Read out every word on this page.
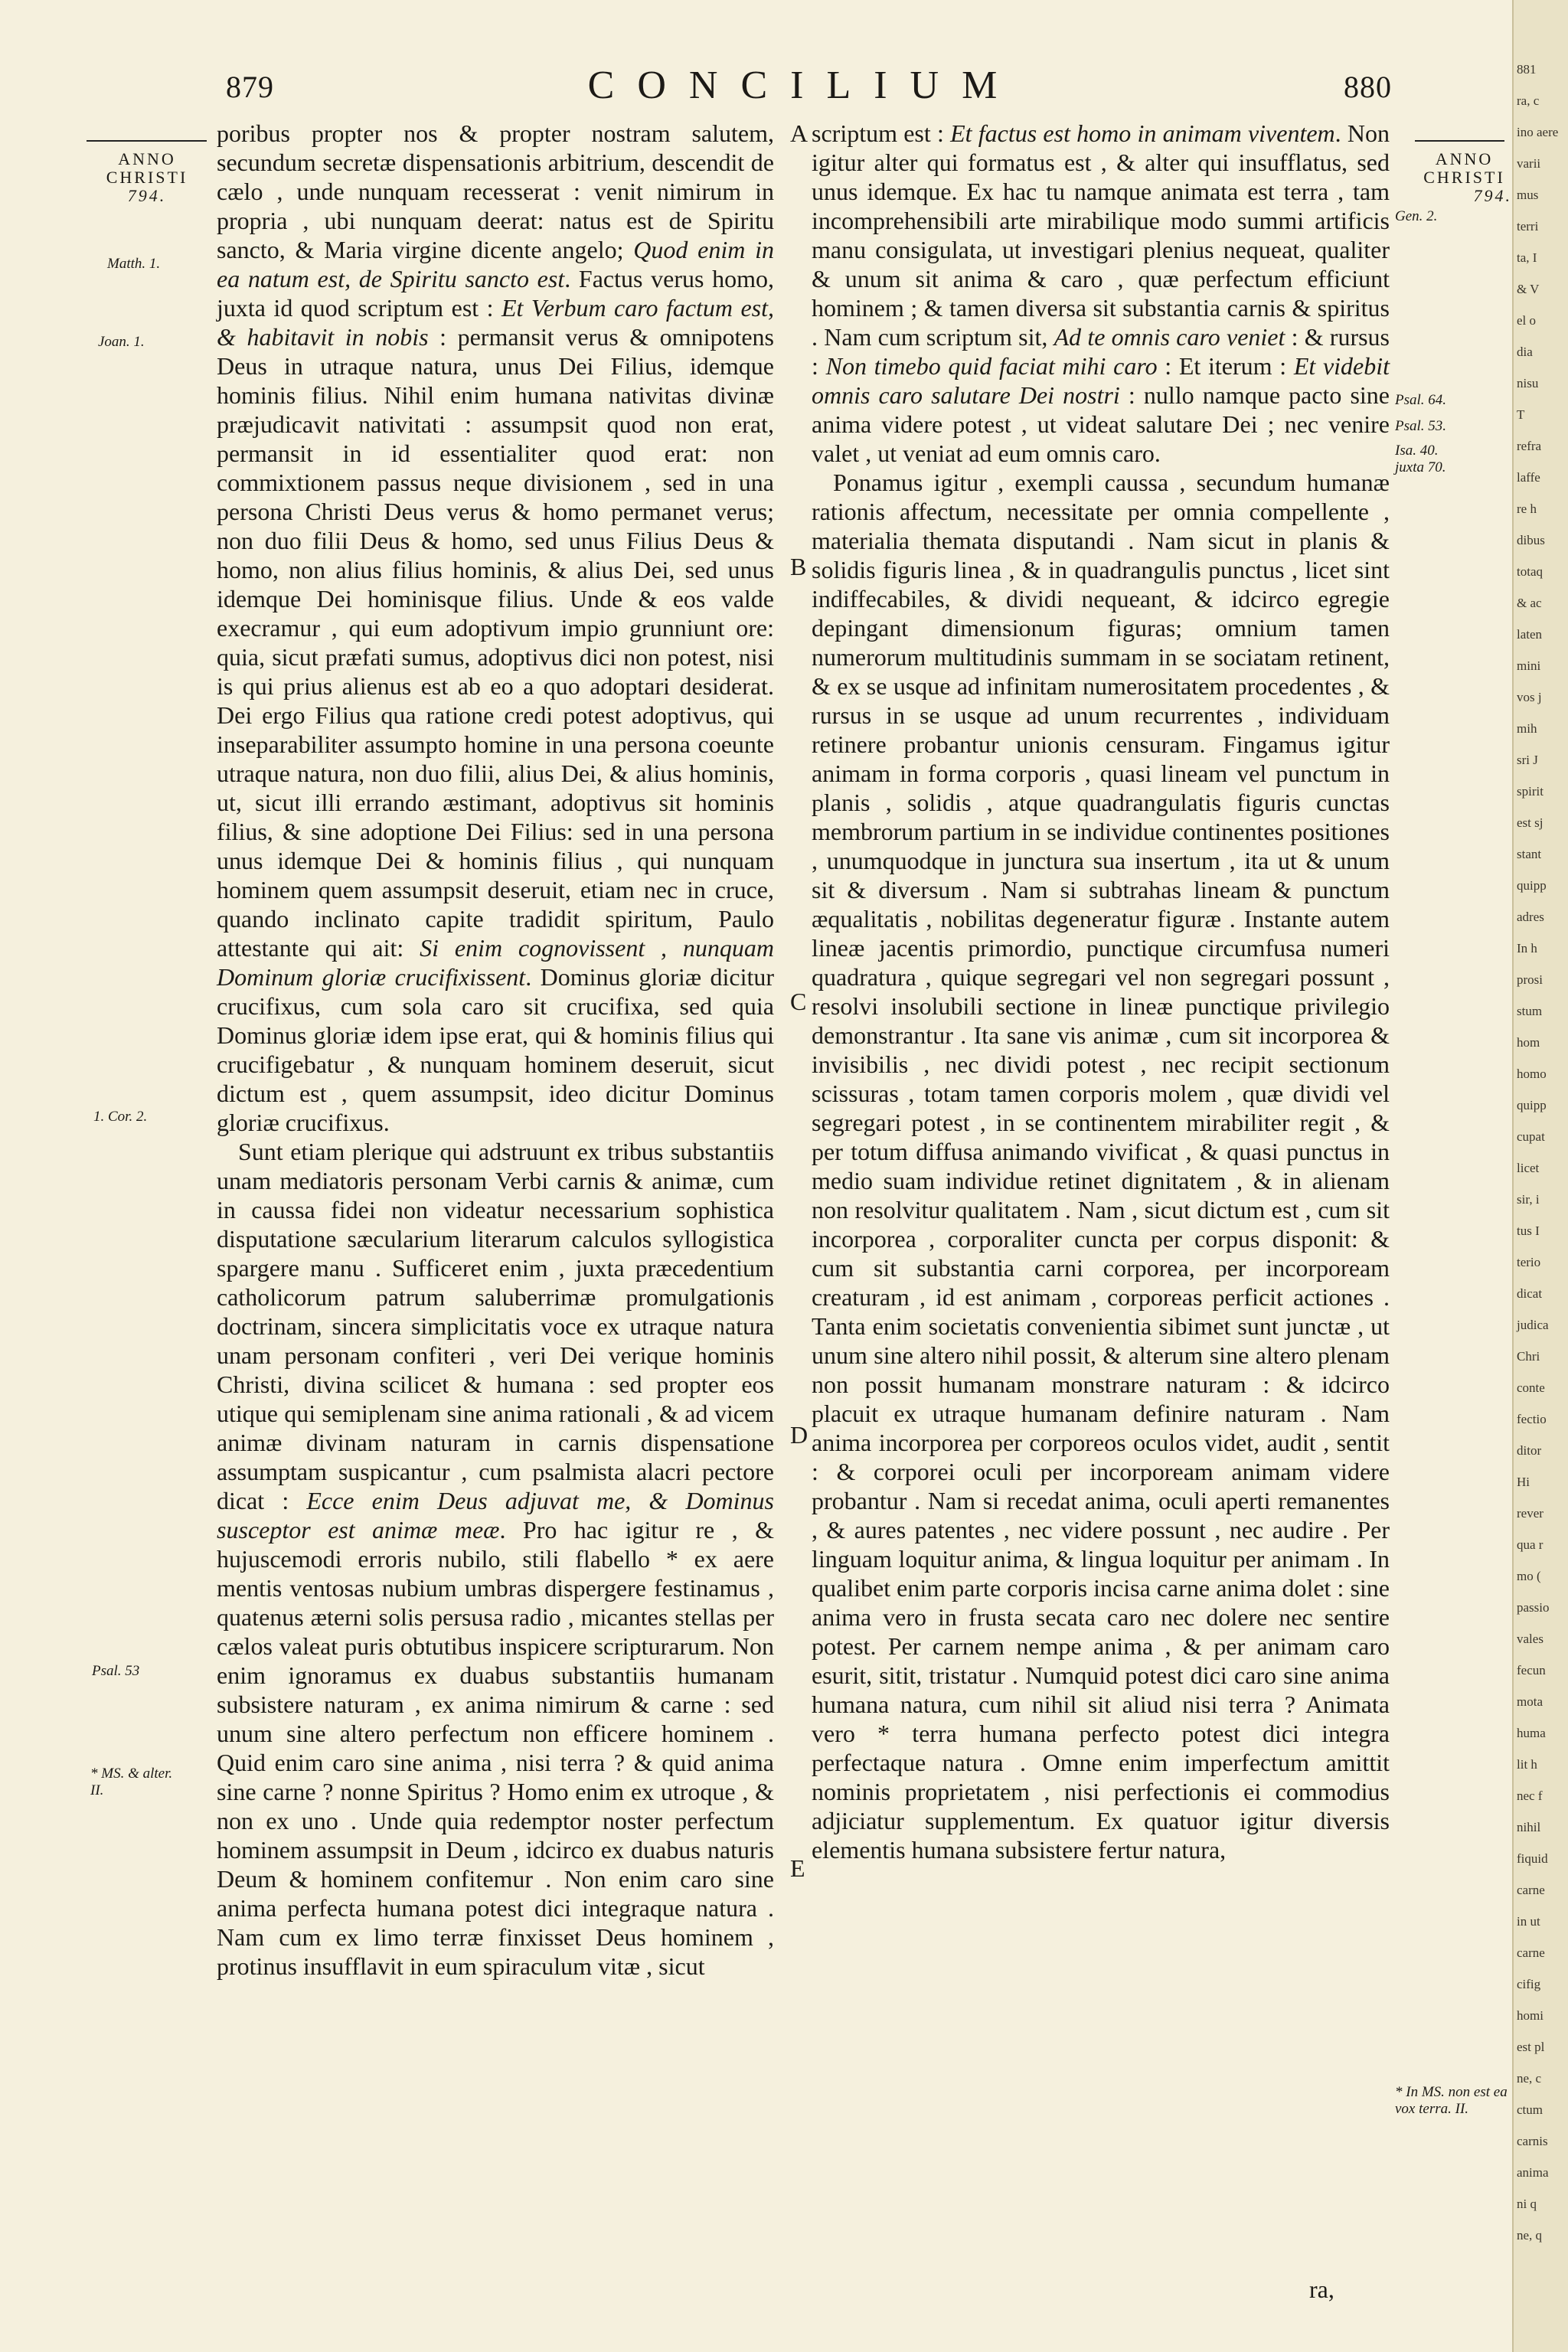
879	CONCILIUM	880
ANNO
CHRISTI
794.
ANNO
CHRISTI
794.
Matth. 1.
Joan. 1.
1. Cor. 2.
Psal. 53
* MS. & alter.
II.

poribus propter nos & propter nostram salutem, secundum secretæ dispensationis arbitrium, descendit de cælo , unde nunquam recesserat : venit nimirum in propria , ubi nunquam deerat: natus est de Spiritu sancto, & Maria virgine dicente angelo; Quod enim in ea natum est, de Spiritu sancto est. Factus verus homo, juxta id quod scriptum est : Et Verbum caro factum est, & habitavit in nobis : permansit verus & omnipotens Deus in utraque natura, unus Dei Filius, idemque hominis filius. Nihil enim humana nativitas divinæ præjudicavit nativitati : assumpsit quod non erat, permansit in id essentialiter quod erat: non commixtionem passus neque divisionem , sed in una persona Christi Deus verus & homo permanet verus; non duo filii Deus & homo, sed unus Filius Deus & homo, non alius filius hominis, & alius Dei, sed unus idemque Dei hominisque filius. Unde & eos valde execramur , qui eum adoptivum impio grunniunt ore: quia, sicut præfati sumus, adoptivus dici non potest, nisi is qui prius alienus est ab eo a quo adoptari desiderat. Dei ergo Filius qua ratione credi potest adoptivus, qui inseparabiliter assumpto homine in una persona coeunte utraque natura, non duo filii, alius Dei, & alius hominis, ut, sicut illi errando æstimant, adoptivus sit hominis filius, & sine adoptione Dei Filius: sed in una persona unus idemque Dei & hominis filius , qui nunquam hominem quem assumpsit deseruit, etiam nec in cruce, quando inclinato capite tradidit spiritum, Paulo attestante qui ait: Si enim cognovissent , nunquam Dominum gloriæ crucifixissent. Dominus gloriæ dicitur crucifixus, cum sola caro sit crucifixa, sed quia Dominus gloriæ idem ipse erat, qui & hominis filius qui crucifigebatur , & nunquam hominem deseruit, sicut dictum est , quem assumpsit, ideo dicitur Dominus gloriæ crucifixus.

Sunt etiam plerique qui adstruunt ex tribus substantiis unam mediatoris personam Verbi carnis & animæ, cum in caussa fidei non videatur necessarium sophistica disputatione sæcularium literarum calculos syllogistica spargere manu . Sufficeret enim , juxta præcedentium catholicorum patrum saluberrimæ promulgationis doctrinam, sincera simplicitatis voce ex utraque natura unam personam confiteri , veri Dei verique hominis Christi, divina scilicet & humana : sed propter eos utique qui semiplenam sine anima rationali , & ad vicem animæ divinam naturam in carnis dispensatione assumptam suspicantur , cum psalmista alacri pectore dicat : Ecce enim Deus adjuvat me, & Dominus susceptor est animæ meæ. Pro hac igitur re , & hujuscemodi erroris nubilo, stili flabello * ex aere mentis ventosas nubium umbras dispergere festinamus , quatenus æterni solis persusa radio , micantes stellas per cælos valeat puris obtutibus inspicere scripturarum. Non enim ignoramus ex duabus substantiis humanam subsistere naturam , ex anima nimirum & carne : sed unum sine altero perfectum non efficere hominem . Quid enim caro sine anima , nisi terra ? & quid anima sine carne ? nonne Spiritus ? Homo enim ex utroque , & non ex uno . Unde quia redemptor noster perfectum hominem assumpsit in Deum , idcirco ex duabus naturis Deum & hominem confitemur . Non enim caro sine anima perfecta humana potest dici integraque natura . Nam cum ex limo terræ finxisset Deus hominem , protinus insufflavit in eum spiraculum vitæ , sicut

A
B
C
D
E

scriptum est : Et factus est homo in animam viventem. Non igitur alter qui formatus est , & alter qui insufflatus, sed unus idemque. Ex hac tu namque animata est terra , tam incomprehensibili arte mirabilique modo summi artificis manu consigulata, ut investigari plenius nequeat, qualiter & unum sit anima & caro , quæ perfectum efficiunt hominem ; & tamen diversa sit substantia carnis & spiritus . Nam cum scriptum sit, Ad te omnis caro veniet : & rursus : Non timebo quid faciat mihi caro : Et iterum : Et videbit omnis caro salutare Dei nostri : nullo namque pacto sine anima videre potest , ut videat salutare Dei ; nec venire valet , ut veniat ad eum omnis caro.

Ponamus igitur , exempli caussa , secundum humanæ rationis affectum, necessitate per omnia compellente , materialia themata disputandi . Nam sicut in planis & solidis figuris linea , & in quadrangulis punctus , licet sint indiffecabiles, & dividi nequeant, & idcirco egregie depingant dimensionum figuras; omnium tamen numerorum multitudinis summam in se sociatam retinent, & ex se usque ad infinitam numerositatem procedentes , & rursus in se usque ad unum recurrentes , individuam retinere probantur unionis censuram. Fingamus igitur animam in forma corporis , quasi lineam vel punctum in planis , solidis , atque quadrangulatis figuris cunctas membrorum partium in se individue continentes positiones , unumquodque in junctura sua insertum , ita ut & unum sit & diversum . Nam si subtrahas lineam & punctum æqualitatis , nobilitas degeneratur figuræ . Instante autem lineæ jacentis primordio, punctique circumfusa numeri quadratura , quique segregari vel non segregari possunt , resolvi insolubili sectione in lineæ punctique privilegio demonstrantur . Ita sane vis animæ , cum sit incorporea & invisibilis , nec dividi potest , nec recipit sectionum scissuras , totam tamen corporis molem , quæ dividi vel segregari potest , in se continentem mirabiliter regit , & per totum diffusa animando vivificat , & quasi punctus in medio suam individue retinet dignitatem , & in alienam non resolvitur qualitatem . Nam , sicut dictum est , cum sit incorporea , corporaliter cuncta per corpus disponit: & cum sit substantia carni corporea, per incorpoream creaturam , id est animam , corporeas perficit actiones . Tanta enim societatis convenientia sibimet sunt junctæ , ut unum sine altero nihil possit, & alterum sine altero plenam non possit humanam monstrare naturam : & idcirco placuit ex utraque humanam definire naturam . Nam anima incorporea per corporeos oculos videt, audit , sentit : & corporei oculi per incorpoream animam videre probantur . Nam si recedat anima, oculi aperti remanentes , & aures patentes , nec videre possunt , nec audire . Per linguam loquitur anima, & lingua loquitur per animam . In qualibet enim parte corporis incisa carne anima dolet : sine anima vero in frusta secata caro nec dolere nec sentire potest. Per carnem nempe anima , & per animam caro esurit, sitit, tristatur . Numquid potest dici caro sine anima humana natura, cum nihil sit aliud nisi terra ? Animata vero * terra humana perfecto potest dici integra perfectaque natura . Omne enim imperfectum amittit nominis proprietatem , nisi perfectionis ei commodius adjiciatur supplementum. Ex quatuor igitur diversis elementis humana subsistere fertur natura,

ra,
Gen. 2.
Psal. 64.
Psal. 53.
Isa. 40.
juxta 70.
* In MS. non est ea vox terra. II.
881
ra, c
ino aere
varii
mus
terri
ta, I
& V
el o
dia
nisu
T
refra
laffe
re h
dibus
totaq
& ac
laten
mini
vos j
mih
sri J
spirit
est sj
stant
quipp
adres
In h
prosi
stum
hom
homo
quipp
cupat
licet
sir, i
tus I
terio
dicat
judica
Chri
conte
fectio
ditor
Hi
rever
qua r
mo (
passio
vales
fecun
mota
huma
lit h
nec f
nihil
fiquid
carne
in ut
carne
cifig
homi
est pl
ne, c
ctum
carnis
anima
ni q
ne, q
